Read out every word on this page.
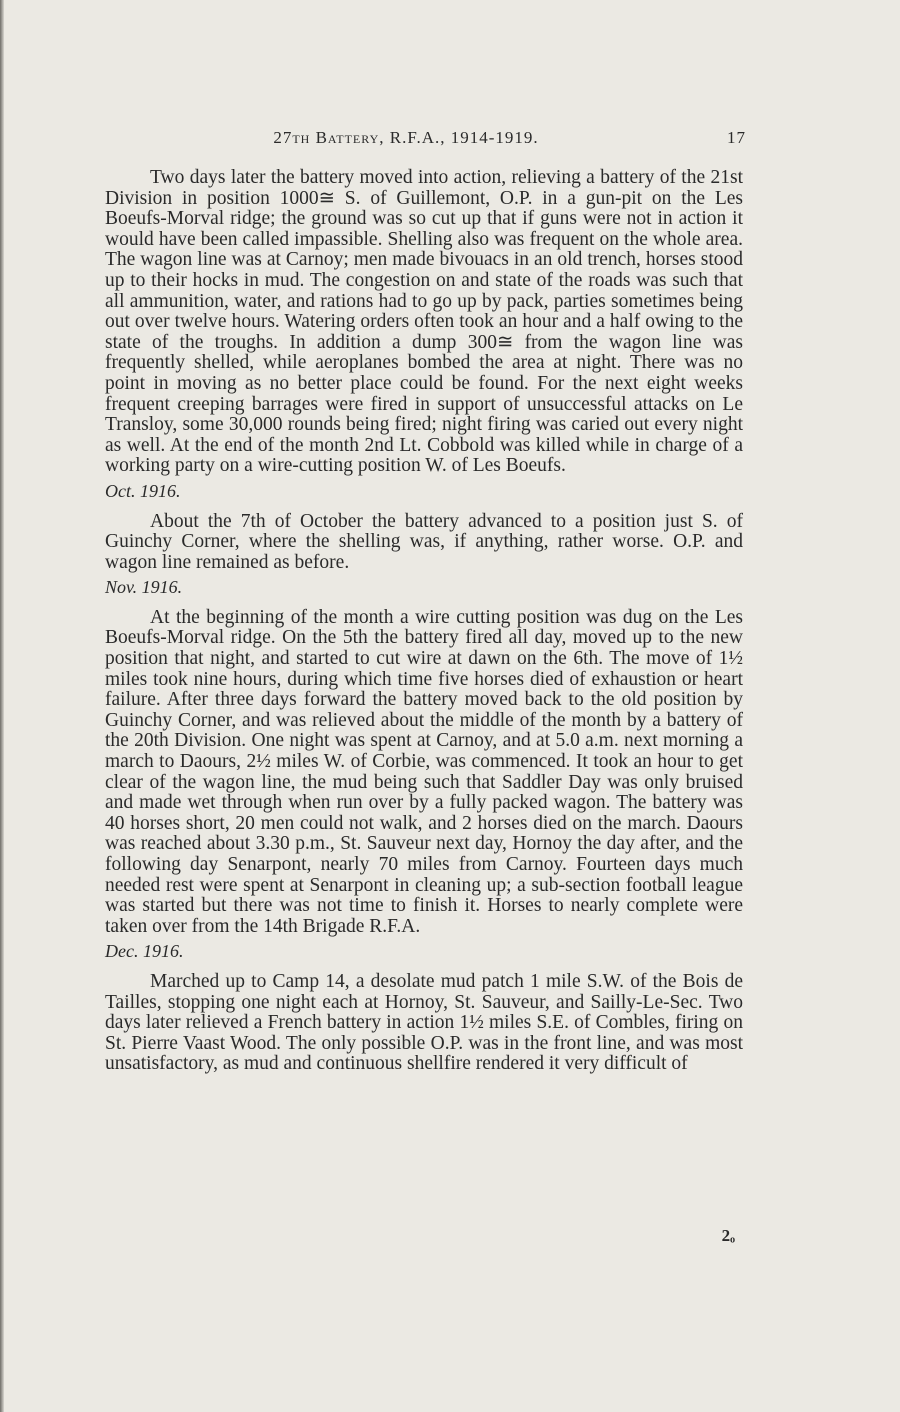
27th Battery, R.F.A., 1914-1919.	17

Two days later the battery moved into action, relieving a battery of the 21st Division in position 1000≅ S. of Guillemont, O.P. in a gun-pit on the Les Boeufs-Morval ridge; the ground was so cut up that if guns were not in action it would have been called impassible. Shelling also was frequent on the whole area. The wagon line was at Carnoy; men made bivouacs in an old trench, horses stood up to their hocks in mud. The congestion on and state of the roads was such that all ammunition, water, and rations had to go up by pack, parties sometimes being out over twelve hours. Watering orders often took an hour and a half owing to the state of the troughs. In addition a dump 300≅ from the wagon line was frequently shelled, while aeroplanes bombed the area at night. There was no point in moving as no better place could be found. For the next eight weeks frequent creeping barrages were fired in support of unsuccessful attacks on Le Transloy, some 30,000 rounds being fired; night firing was caried out every night as well. At the end of the month 2nd Lt. Cobbold was killed while in charge of a working party on a wire-cutting position W. of Les Boeufs.

Oct. 1916.

About the 7th of October the battery advanced to a position just S. of Guinchy Corner, where the shelling was, if anything, rather worse. O.P. and wagon line remained as before.

Nov. 1916.

At the beginning of the month a wire cutting position was dug on the Les Boeufs-Morval ridge. On the 5th the battery fired all day, moved up to the new position that night, and started to cut wire at dawn on the 6th. The move of 1½ miles took nine hours, during which time five horses died of exhaustion or heart failure. After three days forward the battery moved back to the old position by Guinchy Corner, and was relieved about the middle of the month by a battery of the 20th Division. One night was spent at Carnoy, and at 5.0 a.m. next morning a march to Daours, 2½ miles W. of Corbie, was commenced. It took an hour to get clear of the wagon line, the mud being such that Saddler Day was only bruised and made wet through when run over by a fully packed wagon. The battery was 40 horses short, 20 men could not walk, and 2 horses died on the march. Daours was reached about 3.30 p.m., St. Sauveur next day, Hornoy the day after, and the following day Senarpont, nearly 70 miles from Carnoy. Fourteen days much needed rest were spent at Senarpont in cleaning up; a sub-section football league was started but there was not time to finish it. Horses to nearly complete were taken over from the 14th Brigade R.F.A.

Dec. 1916.

Marched up to Camp 14, a desolate mud patch 1 mile S.W. of the Bois de Tailles, stopping one night each at Hornoy, St. Sauveur, and Sailly-Le-Sec. Two days later relieved a French battery in action 1½ miles S.E. of Combles, firing on St. Pierre Vaast Wood. The only possible O.P. was in the front line, and was most unsatisfactory, as mud and continuous shellfire rendered it very difficult of

2ₒ
